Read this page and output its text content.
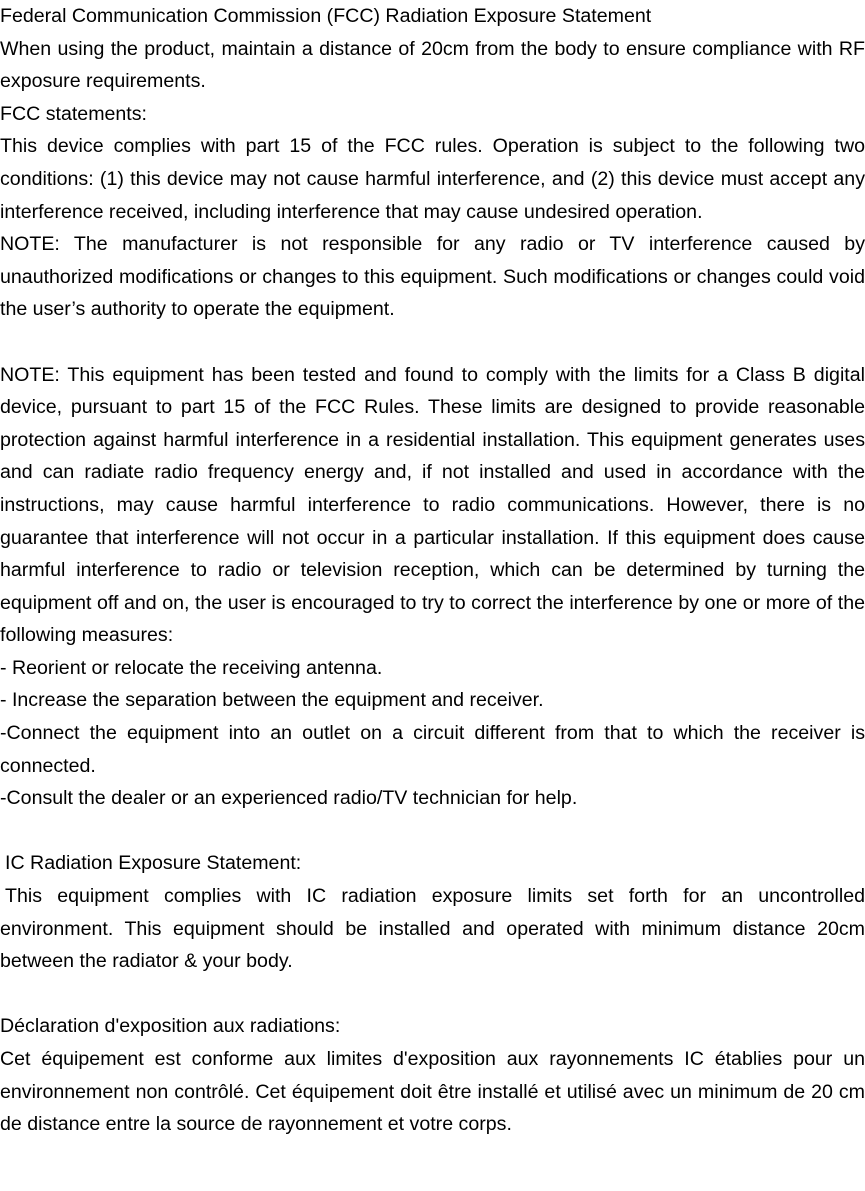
Federal Communication Commission (FCC) Radiation Exposure Statement

When using the product, maintain a distance of 20cm from the body to ensure compliance with RF exposure requirements.

FCC statements:

This device complies with part 15 of the FCC rules. Operation is subject to the following two conditions: (1) this device may not cause harmful interference, and (2) this device must accept any interference received, including interference that may cause undesired operation.

NOTE: The manufacturer is not responsible for any radio or TV interference caused by unauthorized modifications or changes to this equipment. Such modifications or changes could void the user’s authority to operate the equipment.

NOTE: This equipment has been tested and found to comply with the limits for a Class B digital device, pursuant to part 15 of the FCC Rules. These limits are designed to provide reasonable protection against harmful interference in a residential installation. This equipment generates uses and can radiate radio frequency energy and, if not installed and used in accordance with the instructions, may cause harmful interference to radio communications. However, there is no guarantee that interference will not occur in a particular installation. If this equipment does cause harmful interference to radio or television reception, which can be determined by turning the equipment off and on, the user is encouraged to try to correct the interference by one or more of the following measures:

- Reorient or relocate the receiving antenna.

- Increase the separation between the equipment and receiver.

-Connect the equipment into an outlet on a circuit different from that to which the receiver is connected.

-Consult the dealer or an experienced radio/TV technician for help.

IC Radiation Exposure Statement:

This equipment complies with IC radiation exposure limits set forth for an uncontrolled environment. This equipment should be installed and operated with minimum distance 20cm between the radiator & your body.

Déclaration d'exposition aux radiations:

Cet équipement est conforme aux limites d'exposition aux rayonnements IC établies pour un environnement non contrôlé. Cet équipement doit être installé et utilisé avec un minimum de 20 cm de distance entre la source de rayonnement et votre corps.
